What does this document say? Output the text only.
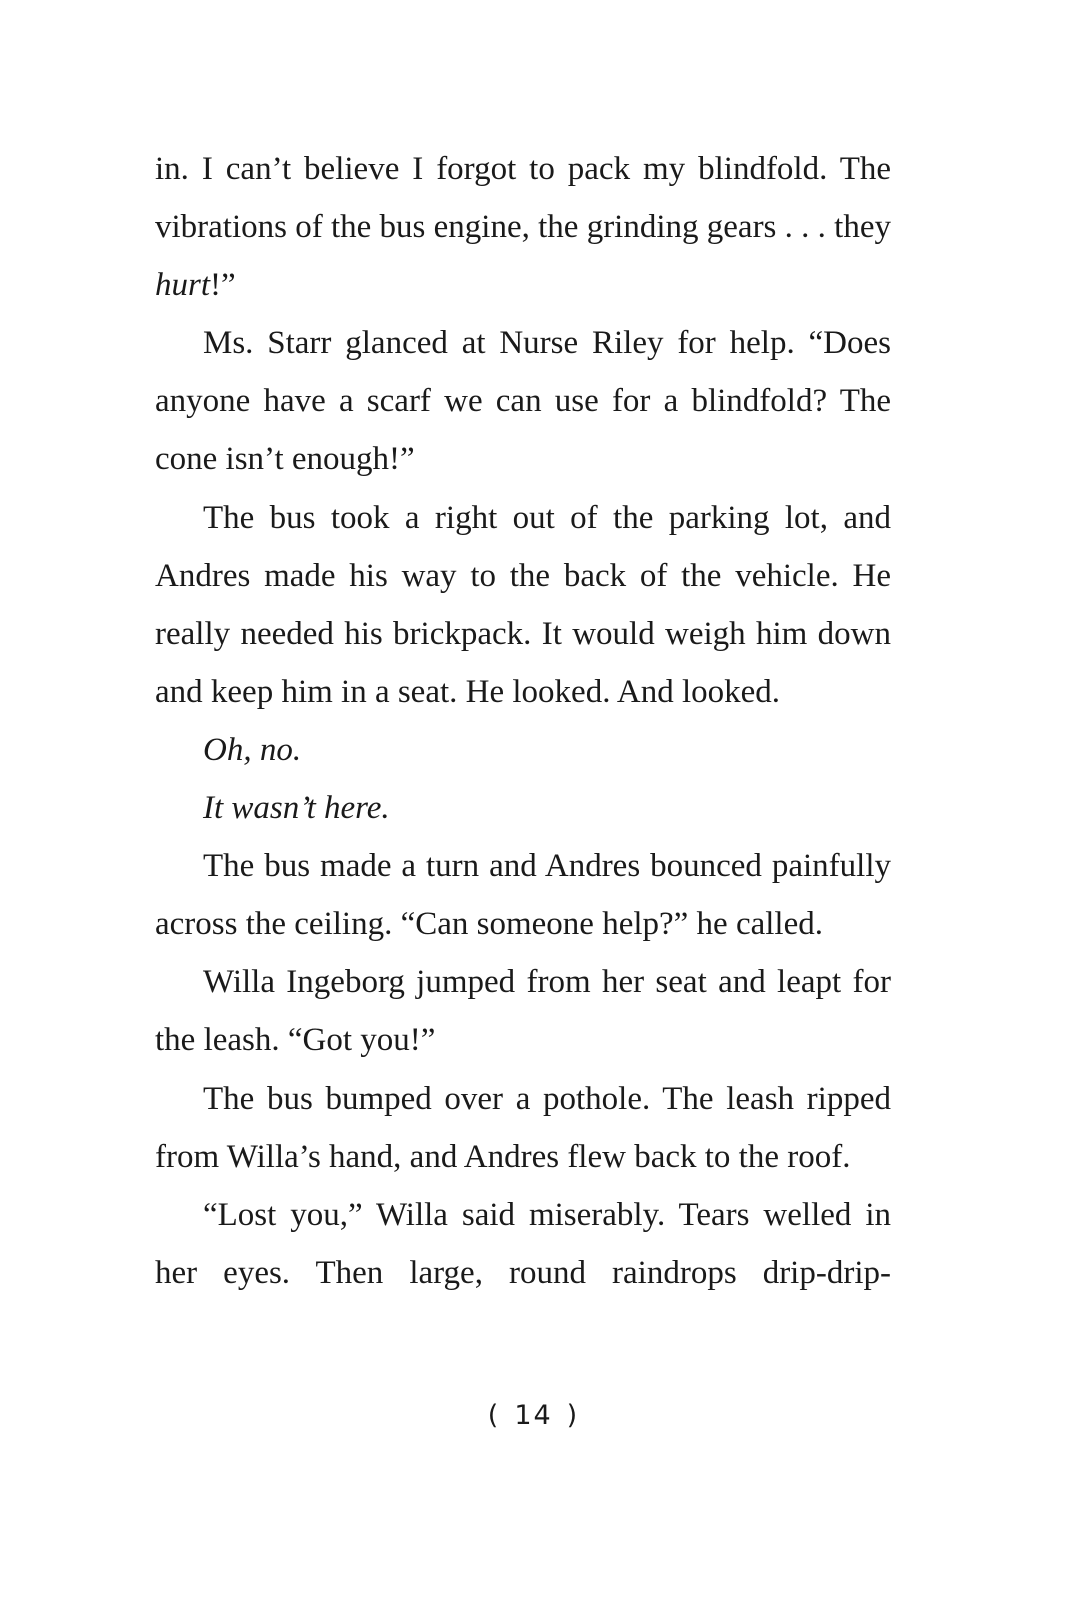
in. I can’t believe I forgot to pack my blindfold. The vibrations of the bus engine, the grinding gears . . . they hurt!”

Ms. Starr glanced at Nurse Riley for help. “Does anyone have a scarf we can use for a blindfold? The cone isn’t enough!”

The bus took a right out of the parking lot, and Andres made his way to the back of the vehicle. He really needed his brickpack. It would weigh him down and keep him in a seat. He looked. And looked.

Oh, no.

It wasn’t here.

The bus made a turn and Andres bounced painfully across the ceiling. “Can someone help?” he called.

Willa Ingeborg jumped from her seat and leapt for the leash. “Got you!”

The bus bumped over a pothole. The leash ripped from Willa’s hand, and Andres flew back to the roof.

“Lost you,” Willa said miserably. Tears welled in her eyes. Then large, round raindrops drip-drip-

( 14 )
